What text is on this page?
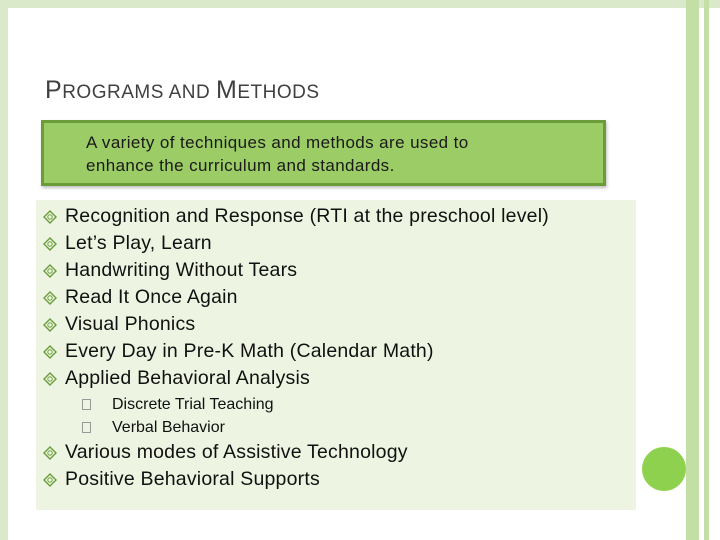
PROGRAMS AND METHODS
A variety of techniques and methods are used to
enhance the curriculum and standards.
Recognition and Response (RTI at the preschool level)
Let’s Play, Learn
Handwriting Without Tears
Read It Once Again
Visual Phonics
Every Day in Pre-K Math (Calendar Math)
Applied Behavioral Analysis
Discrete Trial Teaching
Verbal Behavior
Various modes of Assistive Technology
Positive Behavioral Supports
